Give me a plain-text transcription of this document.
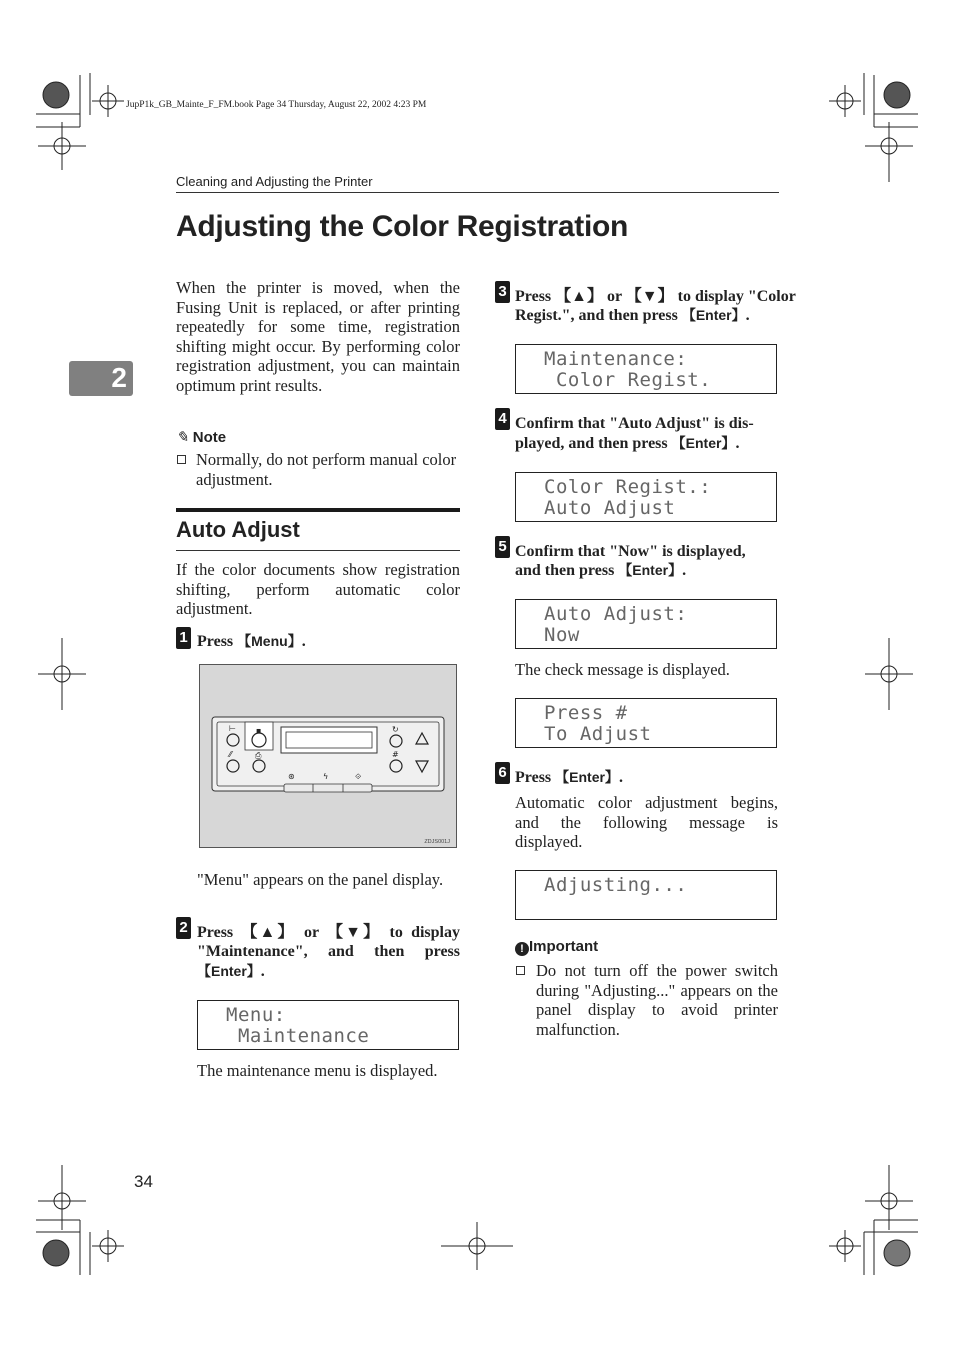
JupP1k_GB_Mainte_F_FM.book Page 34 Thursday, August 22, 2002 4:23 PM
Cleaning and Adjusting the Printer
Adjusting the Color Registration
2
When the printer is moved, when the Fusing Unit is replaced, or after printing repeatedly for some time, registration shifting might occur. By performing color registration adjustment, you can maintain optimum print results.
✎ Note
Normally, do not perform manual color adjustment.
Auto Adjust
If the color documents show registration shifting, perform automatic color adjustment.
1 Press 【Menu】.
⊢	▪
⁄⁄	⎙
↻
#
⊛	ϟ	⟐
ZDJS001J
"Menu" appears on the panel display.
2 Press 【▲】 or 【▼】 to display
"Maintenance", and then press
【Enter】.
Menu:
Maintenance
The maintenance menu is displayed.
3 Press 【▲】 or 【▼】 to display "Color
Regist.", and then press 【Enter】.
Maintenance:
Color Regist.
4 Confirm that "Auto Adjust" is dis-
played, and then press 【Enter】.
Color Regist.:
Auto Adjust
5 Confirm that "Now" is displayed,
and then press 【Enter】.
Auto Adjust:
Now
The check message is displayed.
Press #
To Adjust
6 Press 【Enter】.
Automatic color adjustment begins, and the following message is displayed.
Adjusting...
! Important
Do not turn off the power switch during "Adjusting..." appears on the panel display to avoid printer malfunction.
34
